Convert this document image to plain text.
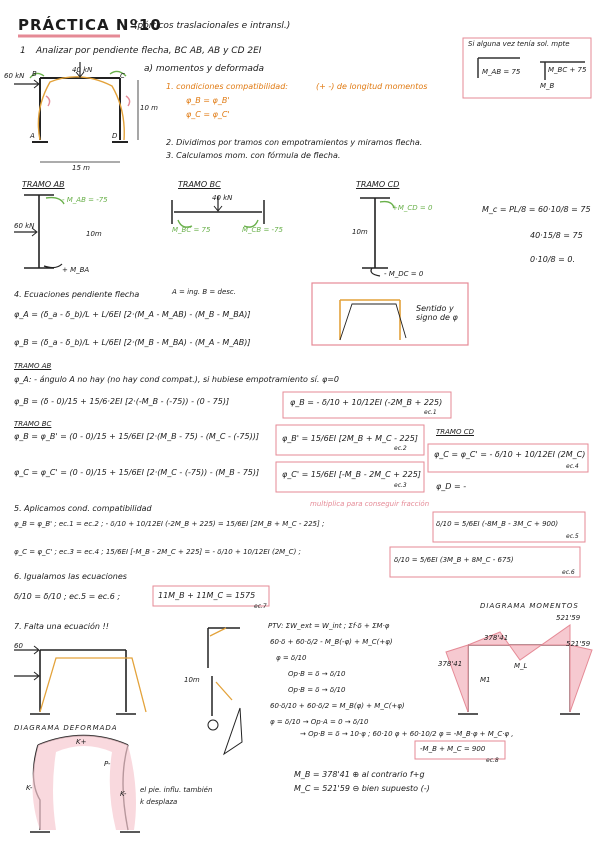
PRÁCTICA Nº10
(pórticos traslacionales e intransl.)
Si alguna vez tenía sol. mpte
M_AB = 75	M_BC + 75
M_B
1 Analizar por pendiente flecha, BC AB, AB y CD 2EI
a) momentos y deformada
60 kN
40 kN
15 m
10 m
B	C
A	D
1. condiciones compatibilidad:	(+ -) de longitud momentos
φ_B = φ_B'
φ_C = φ_C'
2. Dividimos por tramos con empotramientos y miramos flecha.
3. Calculamos mom. con fórmula de flecha.
TRAMO AB
- M_AB = -75
+ M_BA
60 kN
10m
TRAMO BC
40 kN
M_BC = 75	M_CB = -75
TRAMO CD
+M_CD = 0
- M_DC = 0
10m
M_c = PL/8 = 60·10/8 = 75
40·15/8 = 75
0·10/8 = 0.
Sentido y signo de φ
4. Ecuaciones pendiente flecha	A = ing. B = desc.
φ_A = (δ_a - δ_b)/L + L/6EI [2·(M_A - M_AB) - (M_B - M_BA)]
φ_B = (δ_a - δ_b)/L + L/6EI [2·(M_B - M_BA) - (M_A - M_AB)]
TRAMO AB
φ_A: - ángulo A no hay (no hay cond compat.), si hubiese empotramiento sí. φ=0
φ_B = (δ - 0)/15 + 15/6·2EI [2·(-M_B - (-75)) - (0 - 75)]	φ_B = - δ/10 + 10/12EI (-2M_B + 225)
ec.1
TRAMO BC
φ_B = φ_B' = (0 - 0)/15 + 15/6EI [2·(M_B - 75) - (M_C - (-75))]	φ_B' = 15/6EI [2M_B + M_C - 225]
ec.2
φ_C = φ_C' = (0 - 0)/15 + 15/6EI [2·(M_C - (-75)) - (M_B - 75)]	φ_C' = 15/6EI [-M_B - 2M_C + 225]
ec.3
TRAMO CD
φ_C = φ_C' = - δ/10 + 10/12EI (2M_C)
ec.4
φ_D = -
5. Aplicamos cond. compatibilidad	multiplica para conseguir fracción
φ_B = φ_B' ; ec.1 = ec.2 ; - δ/10 + 10/12EI (-2M_B + 225) = 15/6EI [2M_B + M_C - 225] ;	δ/10 = 5/6EI (-8M_B - 3M_C + 900)
ec.5
φ_C = φ_C' ; ec.3 = ec.4 ; 15/6EI [-M_B - 2M_C + 225] = - δ/10 + 10/12EI (2M_C) ;
δ/10 = 5/6EI (3M_B + 8M_C - 675)
ec.6
6. Igualamos las ecuaciones
δ/10 = δ/10 ; ec.5 = ec.6 ;	11M_B + 11M_C = 1575
ec.7
7. Falta una ecuación !!
60
10m
PTV: ΣW_ext = W_int ; Σf·δ + ΣM·φ
60·δ + 60·δ/2 - M_B(-φ) + M_C(+φ)
φ = δ/10
Op·B = δ → δ/10
Op·B = δ → δ/10
60·δ/10 + 60·δ/2 = M_B(φ) + M_C(+φ)
φ = δ/10 → Op·A = 0 → δ/10
→ Op·B = δ → 10·φ ; 60·10 φ + 60·10/2 φ = -M_B·φ + M_C·φ ,
-M_B + M_C = 900
ec.8
M_B = 378'41 ⊕ al contrario f+g
M_C = 521'59 ⊖ bien supuesto (-)
DIAGRAMA MOMENTOS
378'41
521'59
521'59
378'41	M_L
M1
DIAGRAMA DEFORMADA
K+
K-
K-
P-
el pie. influ. también
k desplaza
